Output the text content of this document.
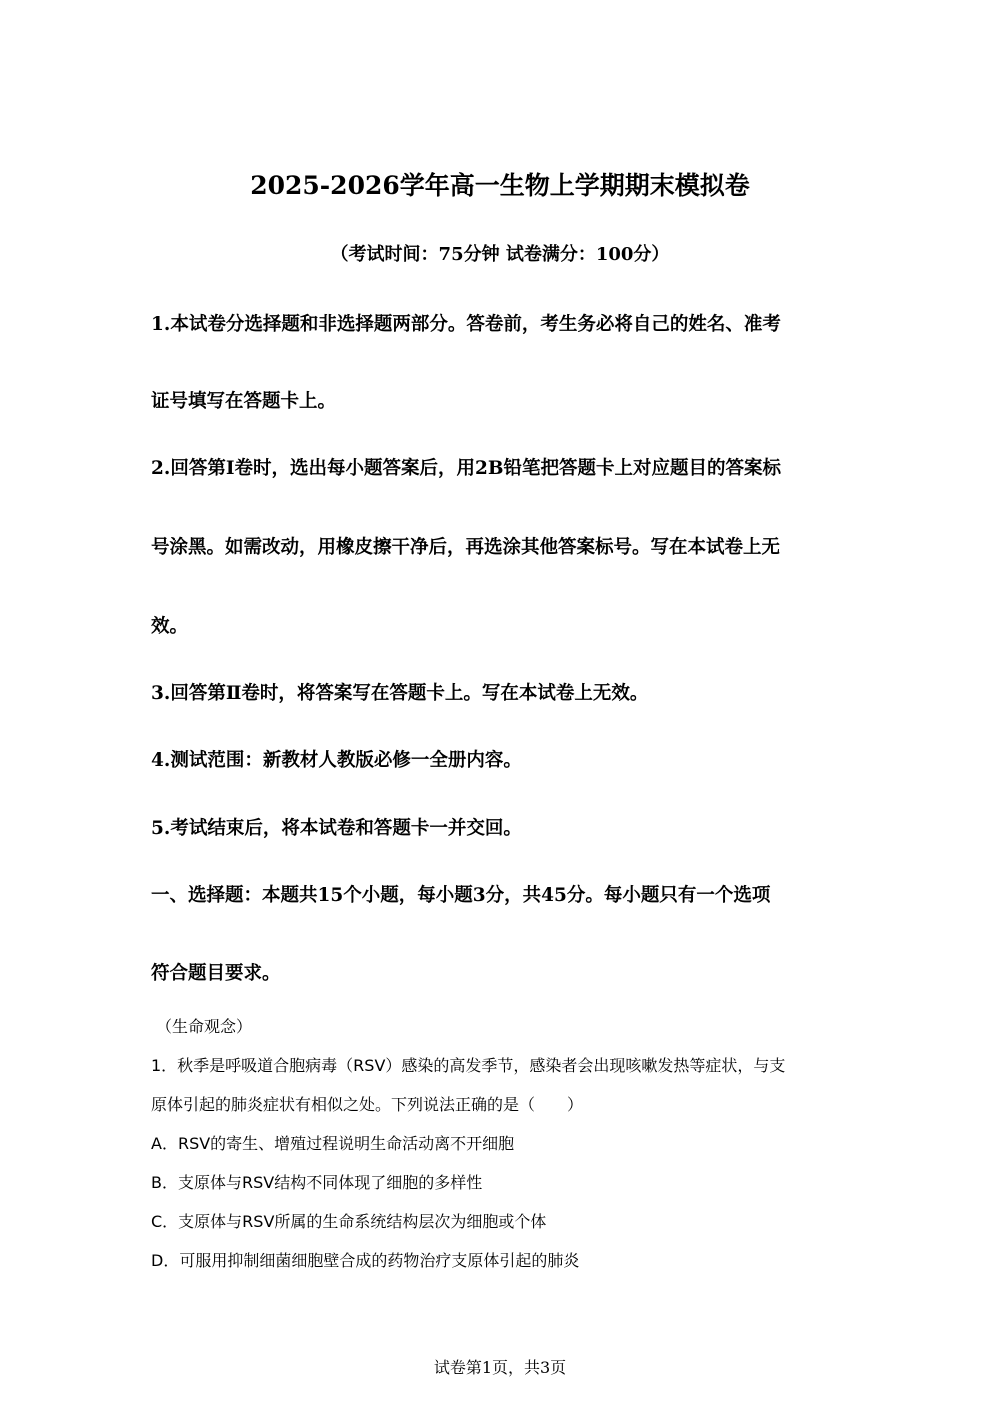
2025-2026学年高一生物上学期期末模拟卷
（考试时间：75分钟 试卷满分：100分）
1.本试卷分选择题和非选择题两部分。答卷前，考生务必将自己的姓名、准考
证号填写在答题卡上。
2.回答第Ⅰ卷时，选出每小题答案后，用2B铅笔把答题卡上对应题目的答案标
号涂黑。如需改动，用橡皮擦干净后，再选涂其他答案标号。写在本试卷上无
效。
3.回答第Ⅱ卷时，将答案写在答题卡上。写在本试卷上无效。
4.测试范围：新教材人教版必修一全册内容。
5.考试结束后，将本试卷和答题卡一并交回。
一、选择题：本题共15个小题，每小题3分，共45分。每小题只有一个选项
符合题目要求。
（生命观念）
1．秋季是呼吸道合胞病毒（RSV）感染的高发季节，感染者会出现咳嗽发热等症状，与支
原体引起的肺炎症状有相似之处。下列说法正确的是（　　）
A．RSV的寄生、增殖过程说明生命活动离不开细胞
B．支原体与RSV结构不同体现了细胞的多样性
C．支原体与RSV所属的生命系统结构层次为细胞或个体
D．可服用抑制细菌细胞壁合成的药物治疗支原体引起的肺炎
试卷第1页，共3页
